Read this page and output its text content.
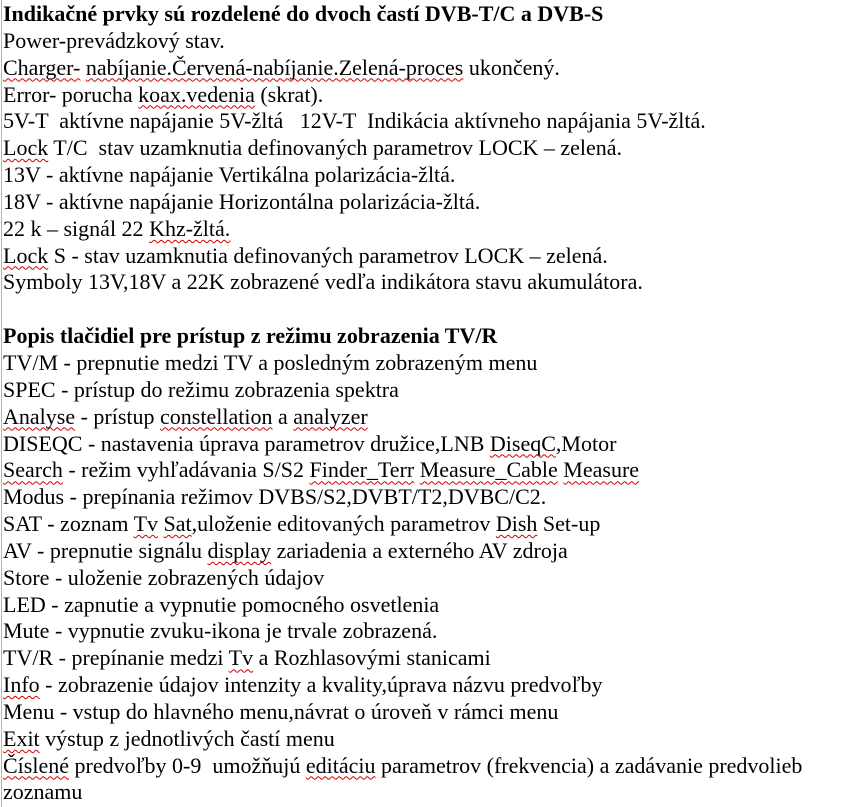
Indikačné prvky sú rozdelené do dvoch častí DVB-T/C a DVB-S
Power-prevádzkový stav.
Charger- nabíjanie.Červená-nabíjanie.Zelená-proces ukončený.
Error- porucha koax.vedenia (skrat).
5V-T  aktívne napájanie 5V-žltá   12V-T  Indikácia aktívneho napájania 5V-žltá.
Lock T/C  stav uzamknutia definovaných parametrov LOCK – zelená.
13V - aktívne napájanie Vertikálna polarizácia-žltá.
18V - aktívne napájanie Horizontálna polarizácia-žltá.
22 k – signál 22 Khz-žltá.
Lock S - stav uzamknutia definovaných parametrov LOCK – zelená.
Symboly 13V,18V a 22K zobrazené vedľa indikátora stavu akumulátora.
Popis tlačidiel pre prístup z režimu zobrazenia TV/R
TV/M - prepnutie medzi TV a posledným zobrazeným menu
SPEC - prístup do režimu zobrazenia spektra
Analyse - prístup constellation a analyzer
DISEQC - nastavenia úprava parametrov družice,LNB DiseqC,Motor
Search - režim vyhľadávania S/S2 Finder_Terr Measure_Cable Measure
Modus - prepínania režimov DVBS/S2,DVBT/T2,DVBC/C2.
SAT - zoznam Tv Sat,uloženie editovaných parametrov Dish Set-up
AV - prepnutie signálu display zariadenia a externého AV zdroja
Store - uloženie zobrazených údajov
LED - zapnutie a vypnutie pomocného osvetlenia
Mute - vypnutie zvuku-ikona je trvale zobrazená.
TV/R - prepínanie medzi Tv a Rozhlasovými stanicami
Info - zobrazenie údajov intenzity a kvality,úprava názvu predvoľby
Menu - vstup do hlavného menu,návrat o úroveň v rámci menu
Exit výstup z jednotlivých častí menu
Číslené predvoľby 0-9  umožňujú editáciu parametrov (frekvencia) a zadávanie predvolieb
zoznamu
